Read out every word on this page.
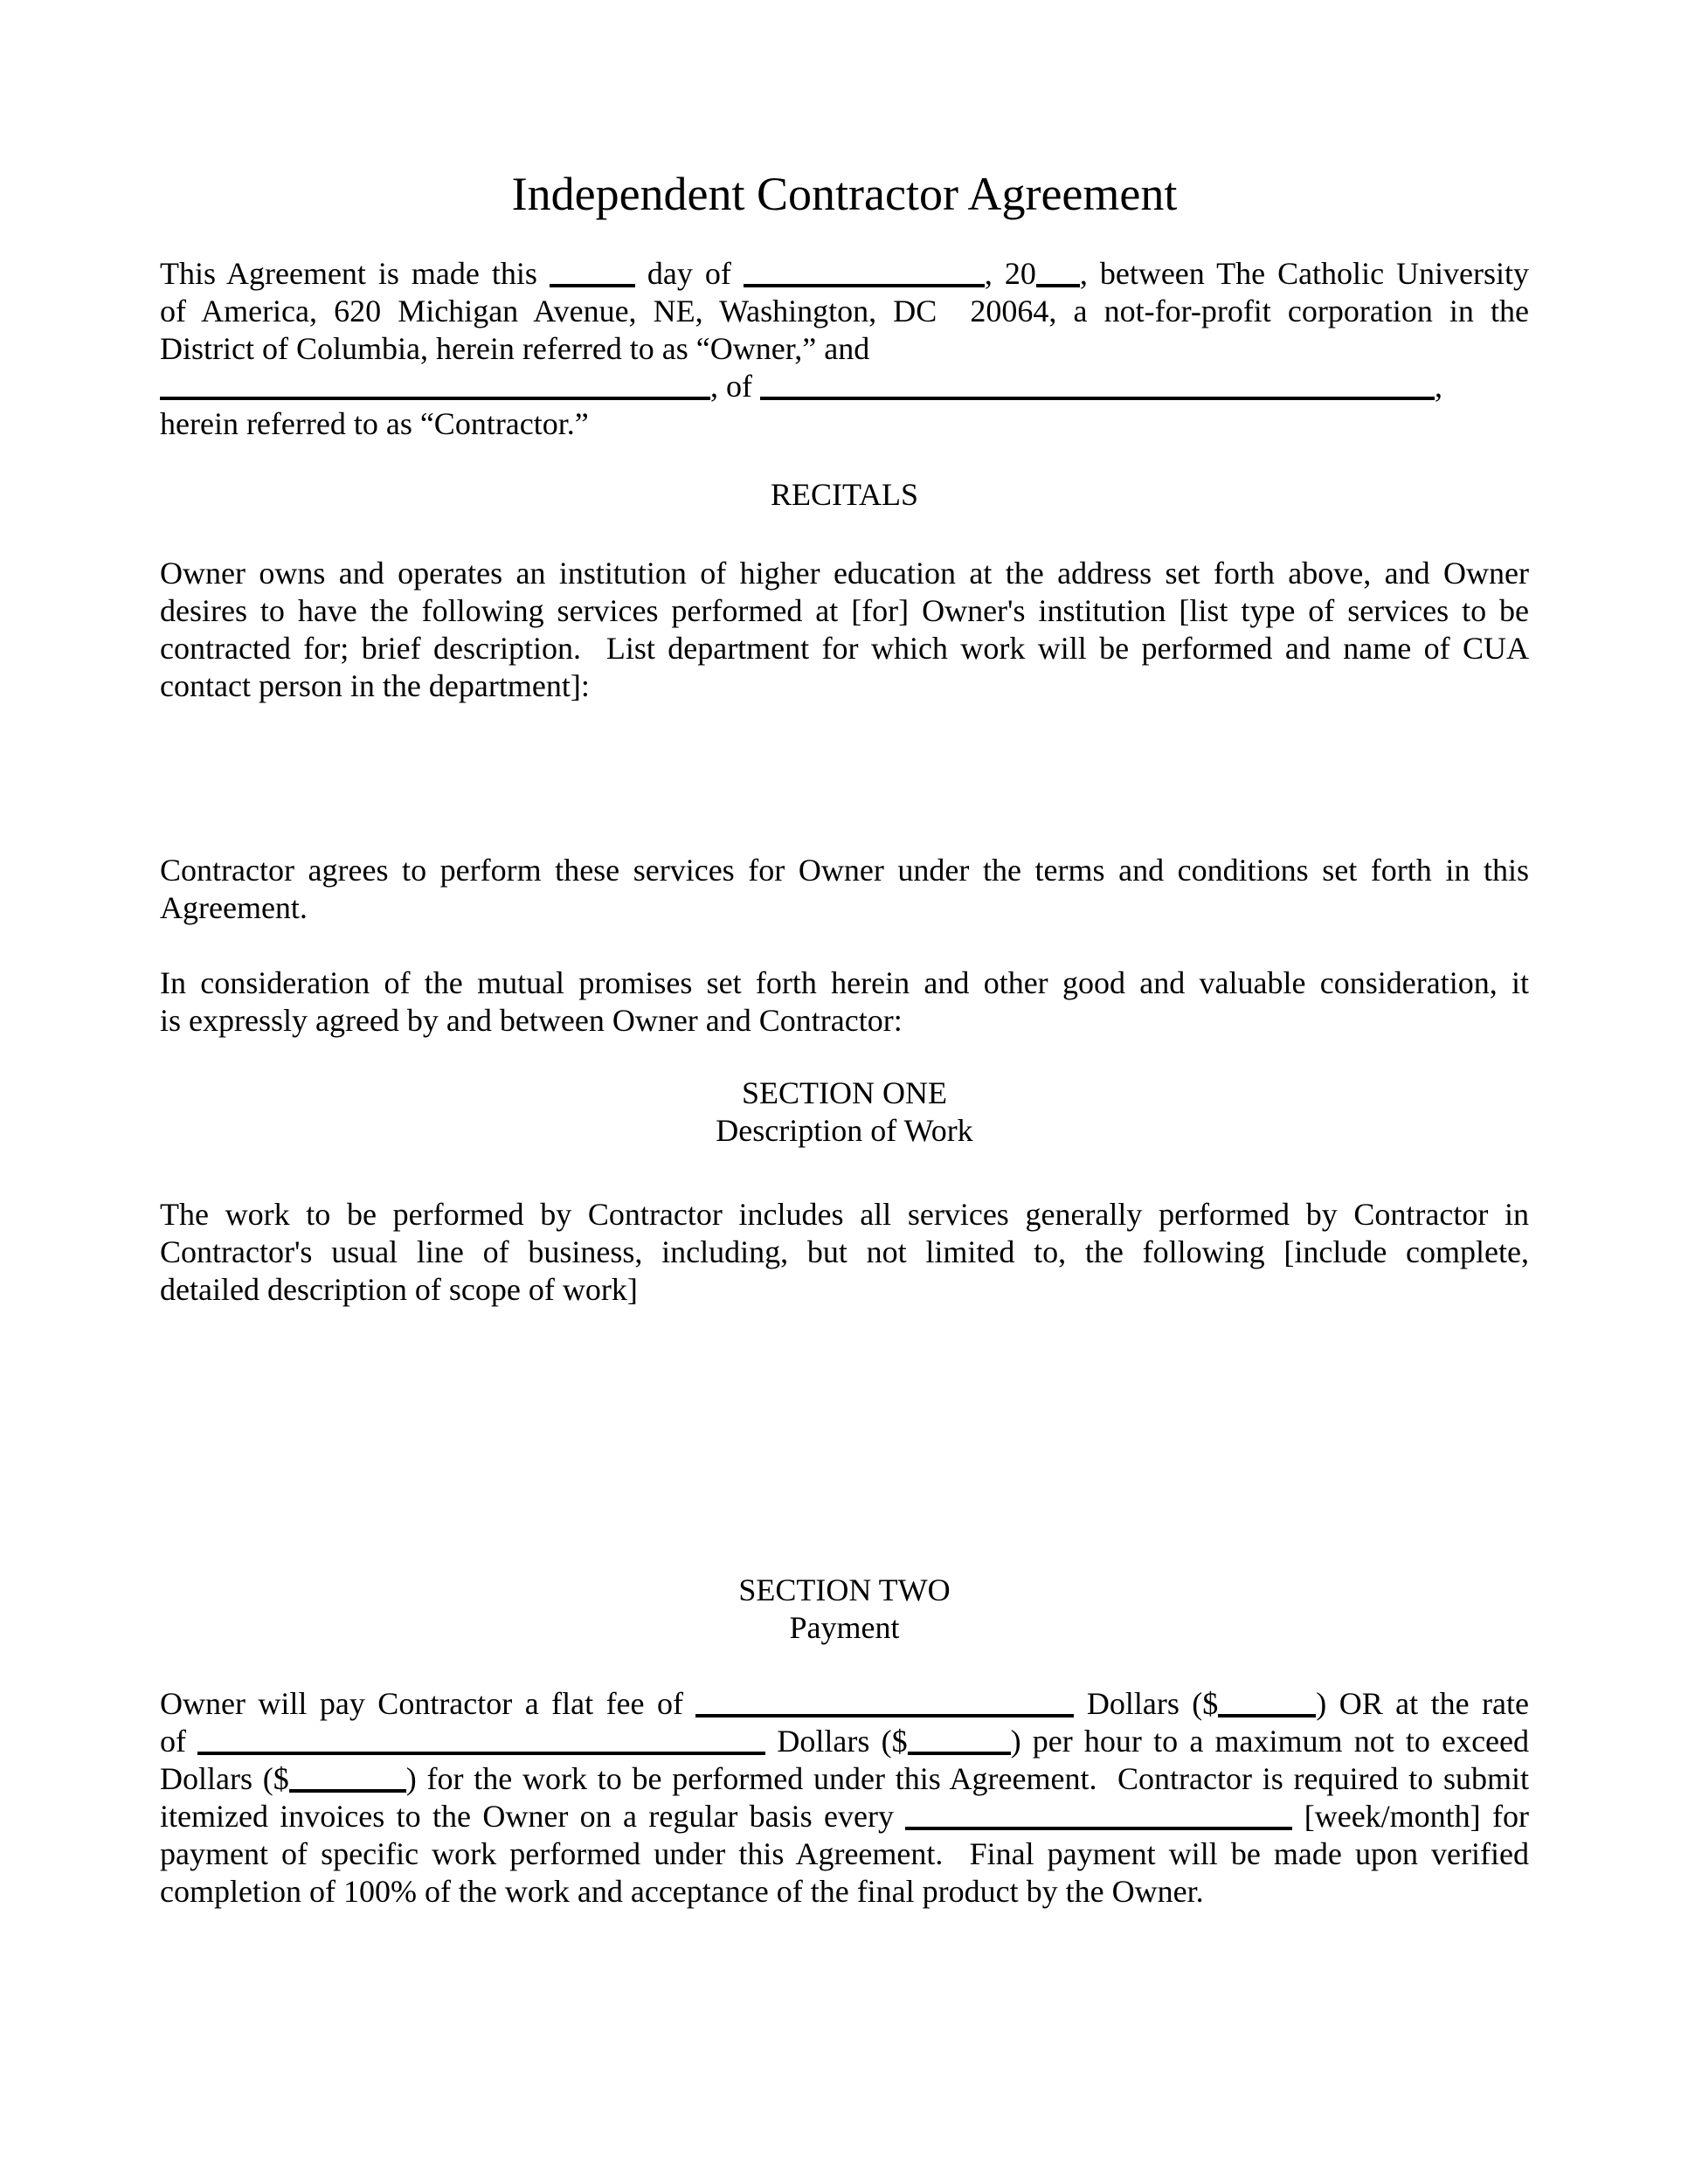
Independent Contractor Agreement
This Agreement is made this	day of	, 20 , between The Catholic University
of America, 620 Michigan Avenue, NE, Washington, DC  20064, a not-for-profit corporation in the
District of Columbia, herein referred to as “Owner,” and
, of	,
herein referred to as “Contractor.”
RECITALS
Owner owns and operates an institution of higher education at the address set forth above, and Owner
desires to have the following services performed at [for] Owner's institution [list type of services to be
contracted for; brief description.  List department for which work will be performed and name of CUA
contact person in the department]:
Contractor agrees to perform these services for Owner under the terms and conditions set forth in this
Agreement.
In consideration of the mutual promises set forth herein and other good and valuable consideration, it
is expressly agreed by and between Owner and Contractor:
SECTION ONE
Description of Work
The work to be performed by Contractor includes all services generally performed by Contractor in
Contractor's usual line of business, including, but not limited to, the following [include complete,
detailed description of scope of work]
SECTION TWO
Payment
Owner will pay Contractor a flat fee of	Dollars ($	) OR at the rate
of	Dollars ($	) per hour to a maximum not to exceed
Dollars ($	) for the work to be performed under this Agreement.  Contractor is required to submit
itemized invoices to the Owner on a regular basis every	[week/month] for
payment of specific work performed under this Agreement.  Final payment will be made upon verified
completion of 100% of the work and acceptance of the final product by the Owner.
